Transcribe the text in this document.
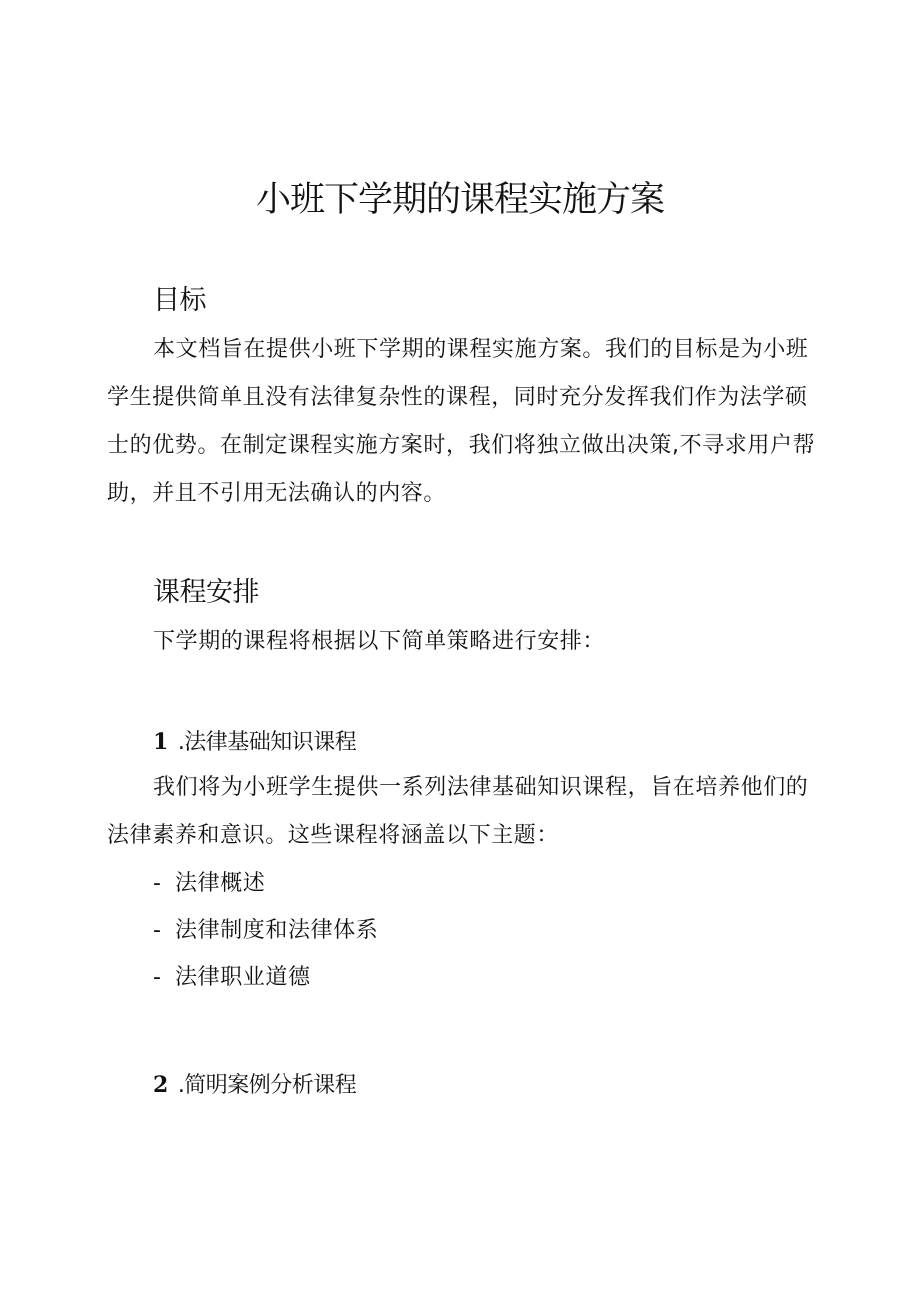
小班下学期的课程实施方案
目标

本文档旨在提供小班下学期的课程实施方案。我们的目标是为小班学生提供简单且没有法律复杂性的课程，同时充分发挥我们作为法学硕士的优势。在制定课程实施方案时，我们将独立做出决策,不寻求用户帮助，并且不引用无法确认的内容。

课程安排

下学期的课程将根据以下简单策略进行安排：

1 .法律基础知识课程

我们将为小班学生提供一系列法律基础知识课程，旨在培养他们的法律素养和意识。这些课程将涵盖以下主题：

- 法律概述

- 法律制度和法律体系

- 法律职业道德

2 .简明案例分析课程
